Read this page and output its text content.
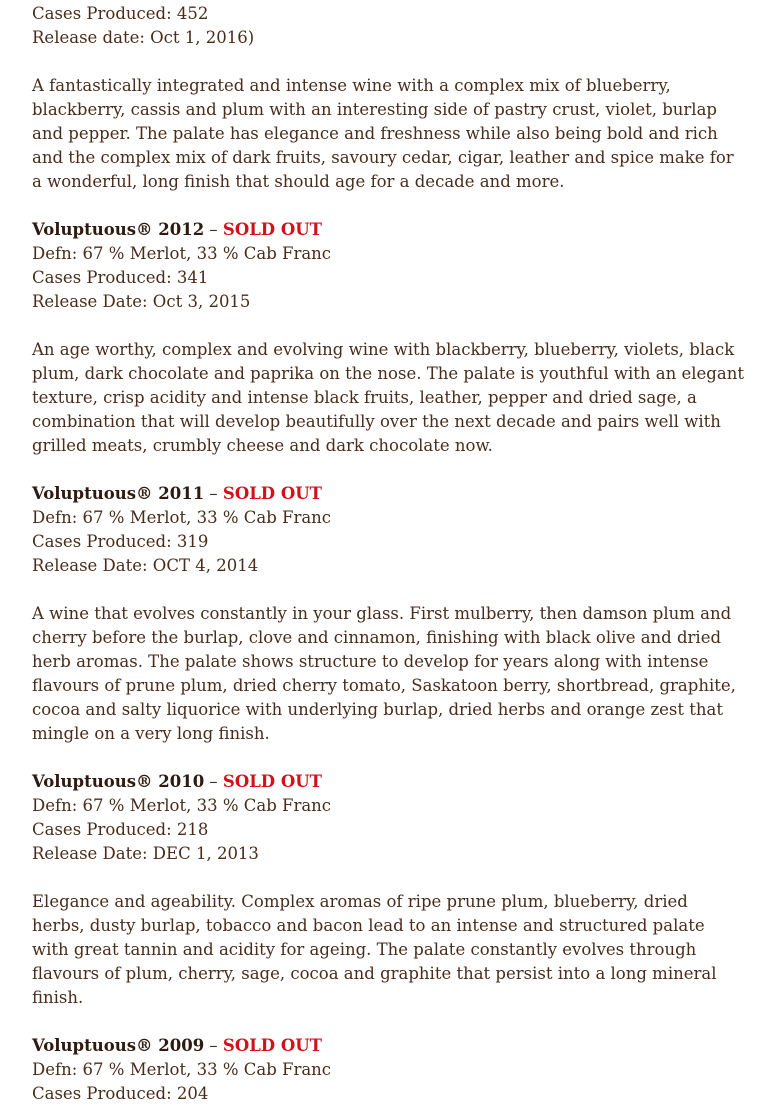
Cases Produced: 452
Release date: Oct 1, 2016)
A fantastically integrated and intense wine with a complex mix of blueberry, blackberry, cassis and plum with an interesting side of pastry crust, violet, burlap and pepper. The palate has elegance and freshness while also being bold and rich and the complex mix of dark fruits, savoury cedar, cigar, leather and spice make for a wonderful, long finish that should age for a decade and more.
Voluptuous® 2012 – SOLD OUT
Defn: 67 % Merlot, 33 % Cab Franc
Cases Produced: 341
Release Date: Oct 3, 2015
An age worthy, complex and evolving wine with blackberry, blueberry, violets, black plum, dark chocolate and paprika on the nose. The palate is youthful with an elegant texture, crisp acidity and intense black fruits, leather, pepper and dried sage, a combination that will develop beautifully over the next decade and pairs well with grilled meats, crumbly cheese and dark chocolate now.
Voluptuous® 2011 – SOLD OUT
Defn: 67 % Merlot, 33 % Cab Franc
Cases Produced: 319
Release Date: OCT 4, 2014
A wine that evolves constantly in your glass. First mulberry, then damson plum and cherry before the burlap, clove and cinnamon, finishing with black olive and dried herb aromas. The palate shows structure to develop for years along with intense flavours of prune plum, dried cherry tomato, Saskatoon berry, shortbread, graphite, cocoa and salty liquorice with underlying burlap, dried herbs and orange zest that mingle on a very long finish.
Voluptuous® 2010 – SOLD OUT
Defn: 67 % Merlot, 33 % Cab Franc
Cases Produced: 218
Release Date: DEC 1, 2013
Elegance and ageability. Complex aromas of ripe prune plum, blueberry, dried herbs, dusty burlap, tobacco and bacon lead to an intense and structured palate with great tannin and acidity for ageing. The palate constantly evolves through flavours of plum, cherry, sage, cocoa and graphite that persist into a long mineral finish.
Voluptuous® 2009 – SOLD OUT
Defn: 67 % Merlot, 33 % Cab Franc
Cases Produced: 204
